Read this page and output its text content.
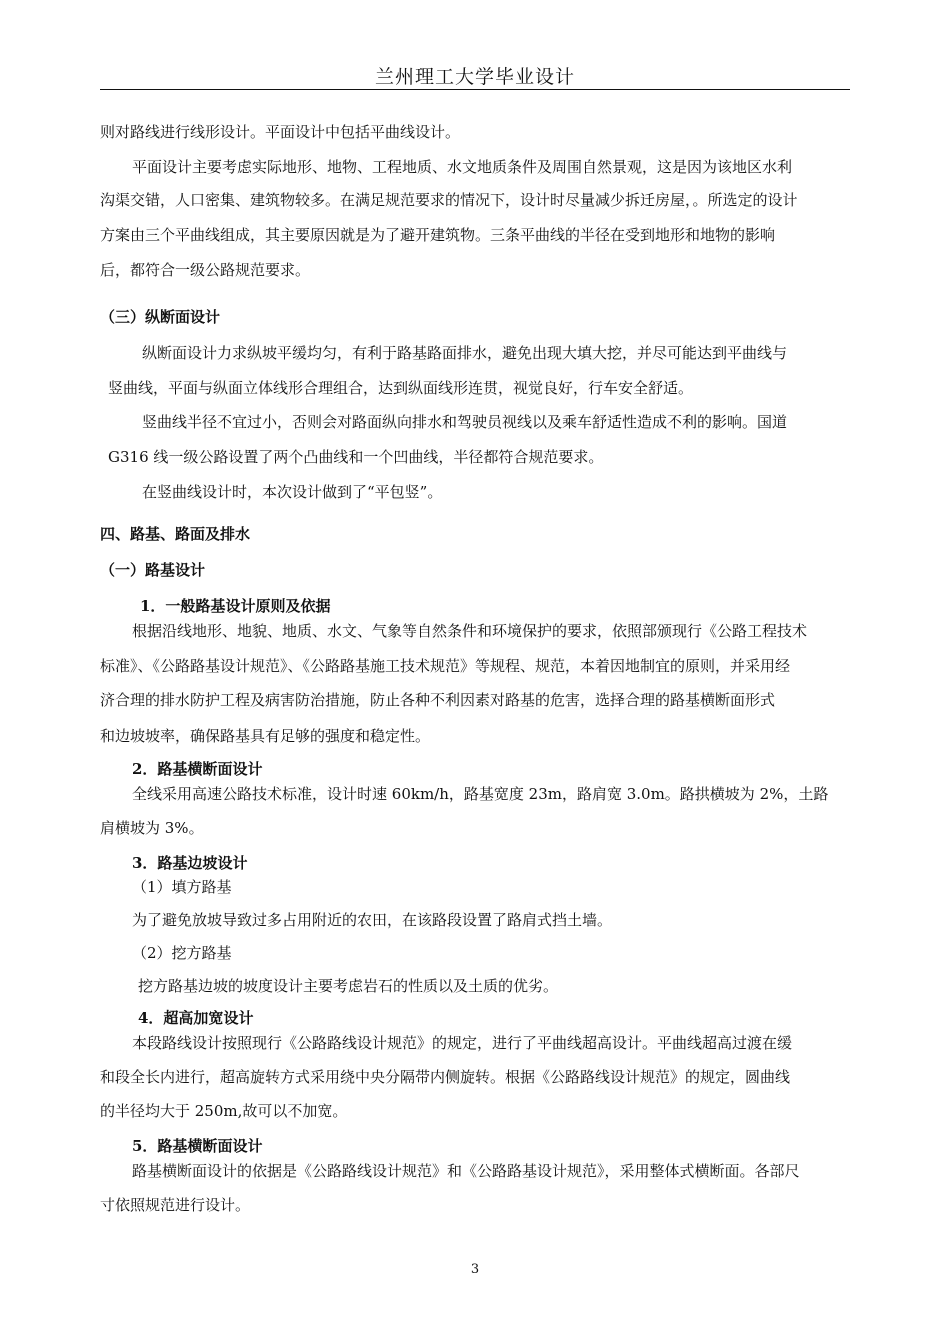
兰州理工大学毕业设计
则对路线进行线形设计。平面设计中包括平曲线设计。
平面设计主要考虑实际地形、地物、工程地质、水文地质条件及周围自然景观，这是因为该地区水利
沟渠交错，人口密集、建筑物较多。在满足规范要求的情况下，设计时尽量减少拆迁房屋，。所选定的设计
方案由三个平曲线组成，其主要原因就是为了避开建筑物。三条平曲线的半径在受到地形和地物的影响
后，都符合一级公路规范要求。
（三）纵断面设计
纵断面设计力求纵坡平缓均匀，有利于路基路面排水，避免出现大填大挖，并尽可能达到平曲线与
竖曲线，平面与纵面立体线形合理组合，达到纵面线形连贯，视觉良好，行车安全舒适。
竖曲线半径不宜过小，否则会对路面纵向排水和驾驶员视线以及乘车舒适性造成不利的影响。国道
G316 线一级公路设置了两个凸曲线和一个凹曲线，半径都符合规范要求。
在竖曲线设计时，本次设计做到了“平包竖”。
四、路基、路面及排水
（一）路基设计
1．一般路基设计原则及依据
根据沿线地形、地貌、地质、水文、气象等自然条件和环境保护的要求，依照部颁现行《公路工程技术
标准》、《公路路基设计规范》、《公路路基施工技术规范》等规程、规范，本着因地制宜的原则，并采用经
济合理的排水防护工程及病害防治措施，防止各种不利因素对路基的危害，选择合理的路基横断面形式
和边坡坡率，确保路基具有足够的强度和稳定性。
2．路基横断面设计
全线采用高速公路技术标准，设计时速 60km/h，路基宽度 23m，路肩宽 3.0m。路拱横坡为 2%，土路
肩横坡为 3%。
3．路基边坡设计
（1）填方路基
为了避免放坡导致过多占用附近的农田，在该路段设置了路肩式挡土墙。
（2）挖方路基
挖方路基边坡的坡度设计主要考虑岩石的性质以及土质的优劣。
4．超高加宽设计
本段路线设计按照现行《公路路线设计规范》的规定，进行了平曲线超高设计。平曲线超高过渡在缓
和段全长内进行，超高旋转方式采用绕中央分隔带内侧旋转。根据《公路路线设计规范》的规定，圆曲线
的半径均大于 250m,故可以不加宽。
5．路基横断面设计
路基横断面设计的依据是《公路路线设计规范》和《公路路基设计规范》，采用整体式横断面。各部尺
寸依照规范进行设计。
3
